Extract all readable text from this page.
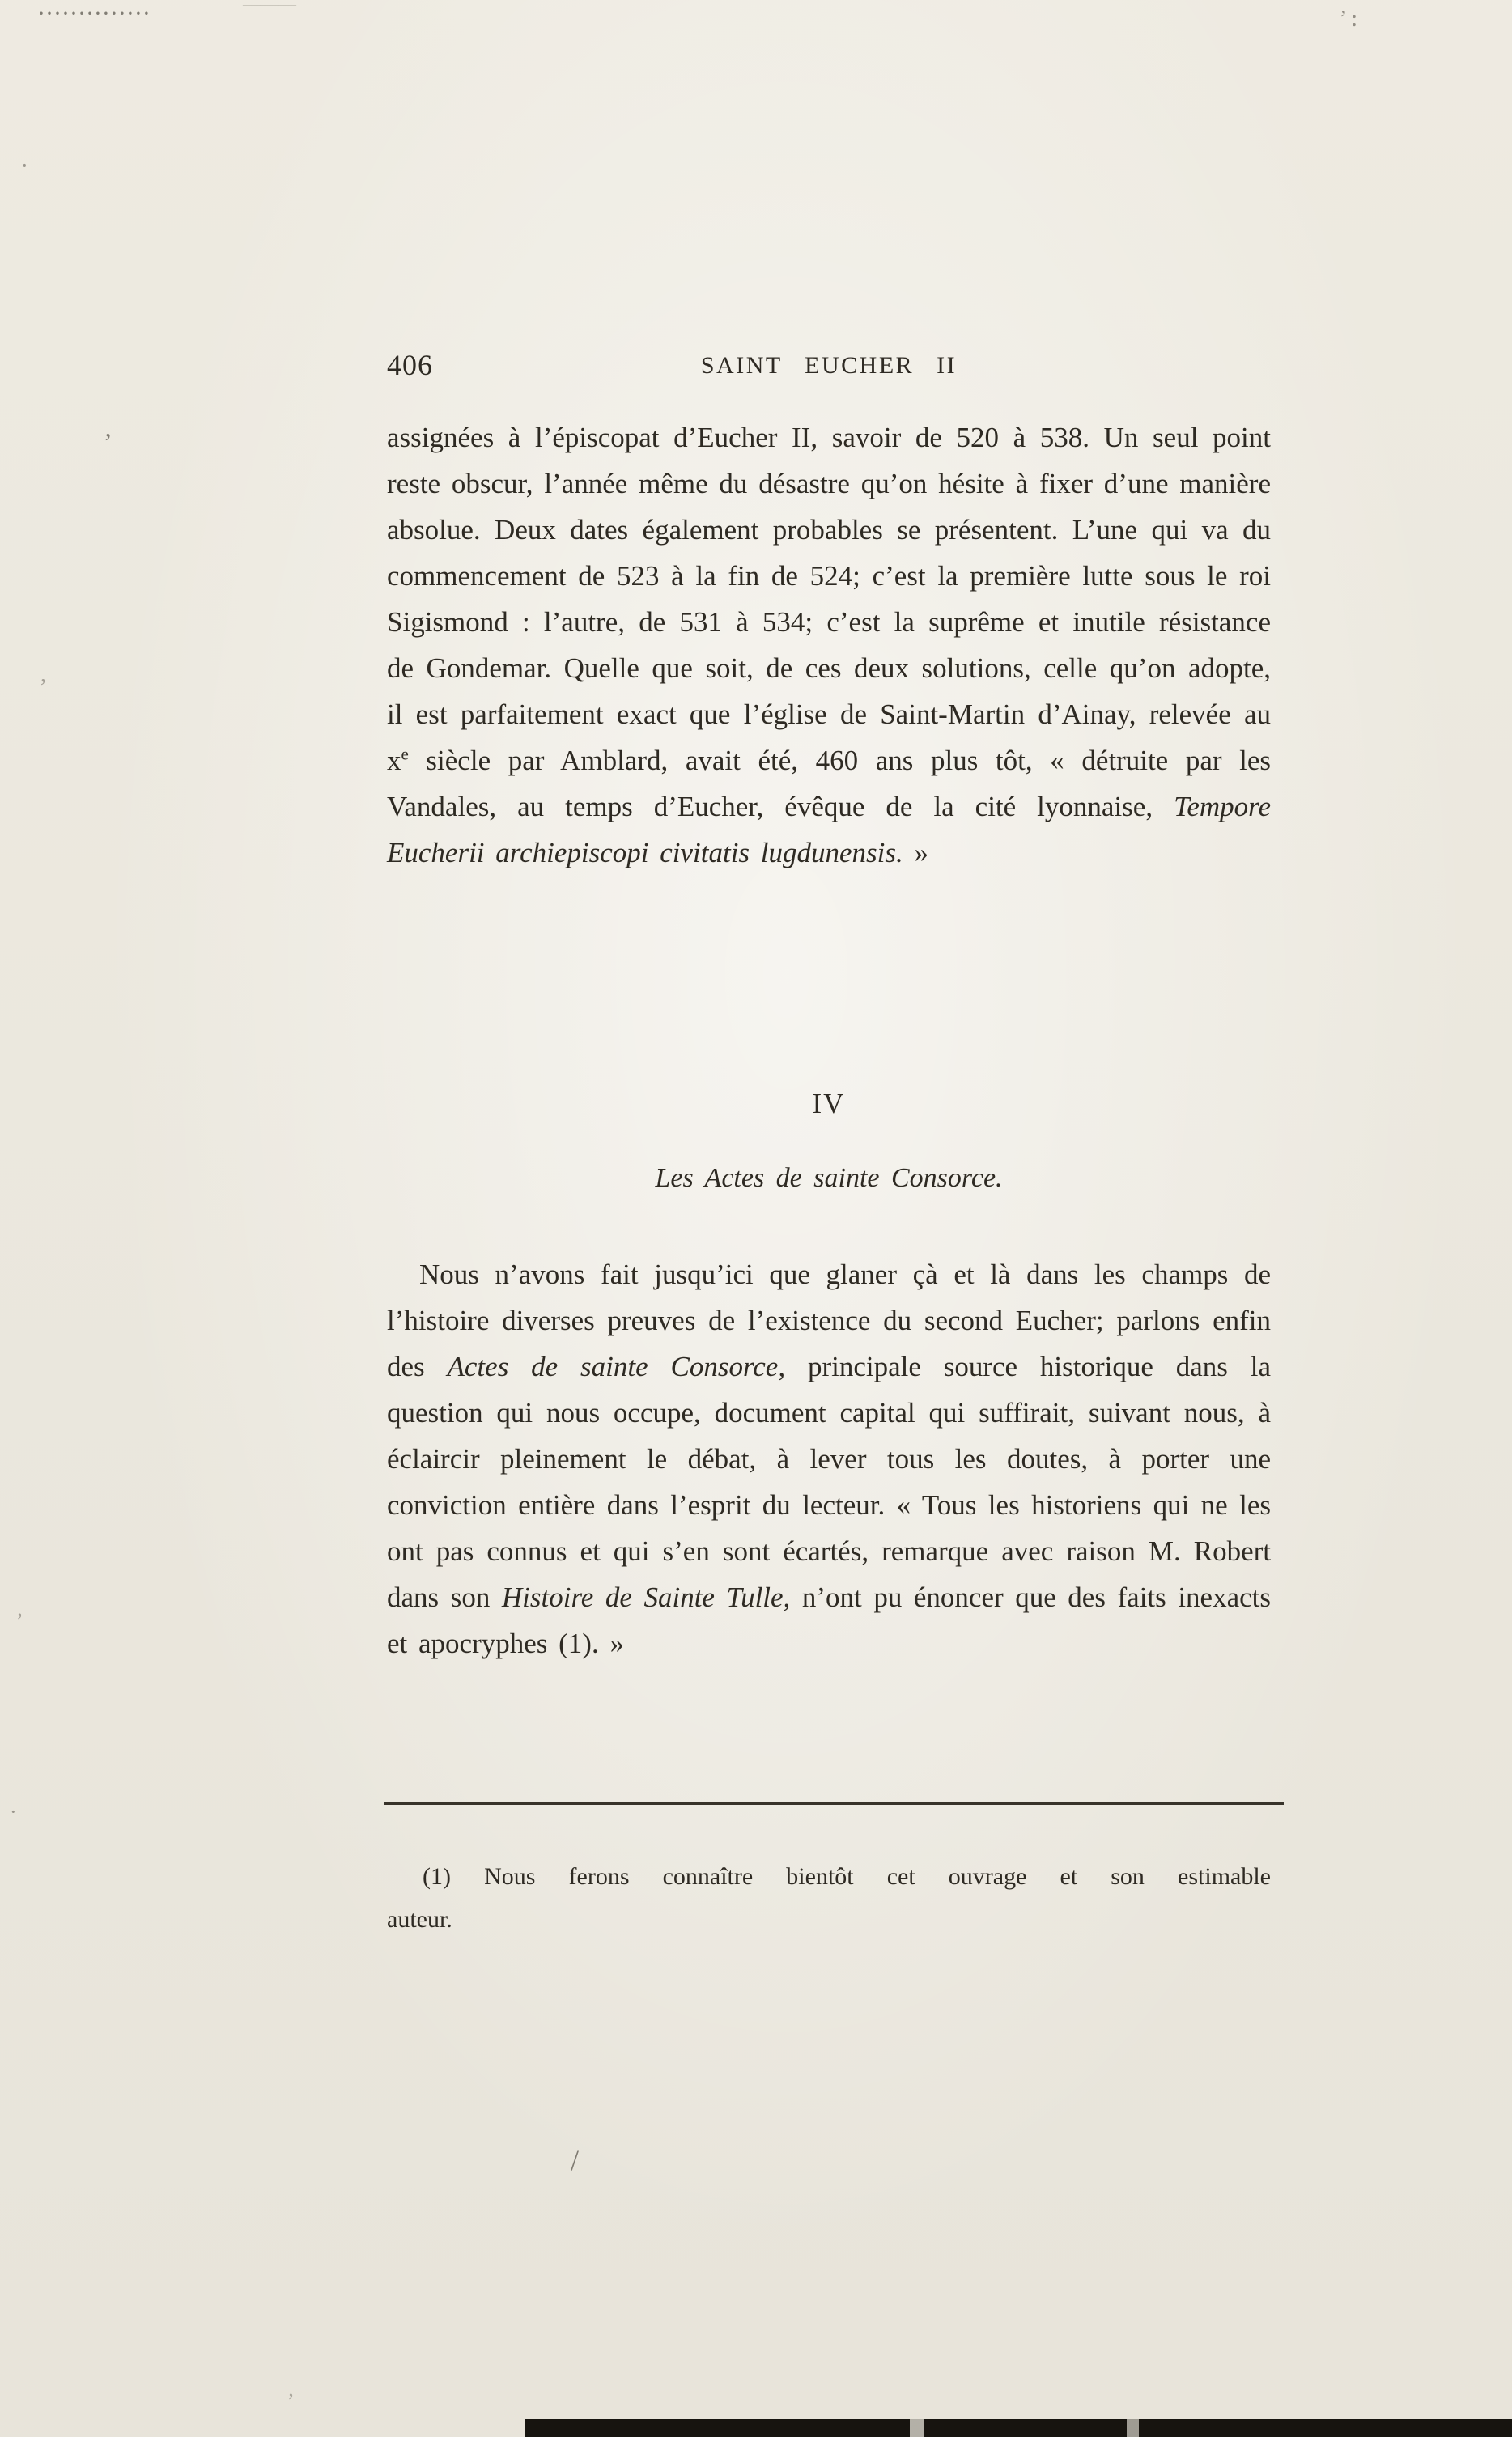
406	SAINT EUCHER II

assignées à l’épiscopat d’Eucher II, savoir de 520 à 538. Un seul point reste obscur, l’année même du désastre qu’on hésite à fixer d’une manière absolue. Deux dates également probables se présentent. L’une qui va du commencement de 523 à la fin de 524; c’est la première lutte sous le roi Sigismond : l’autre, de 531 à 534; c’est la suprême et inutile résistance de Gondemar. Quelle que soit, de ces deux solutions, celle qu’on adopte, il est parfaitement exact que l’église de Saint-Martin d’Ainay, relevée au $x^e$ siècle par Amblard, avait été, 460 ans plus tôt, « détruite par les Vandales, au temps d’Eucher, évêque de la cité lyonnaise, Tempore Eucherii archiepiscopi civitatis lugdunensis. »

IV
Les Actes de sainte Consorce.

Nous n’avons fait jusqu’ici que glaner çà et là dans les champs de l’histoire diverses preuves de l’existence du second Eucher; parlons enfin des Actes de sainte Consorce, principale source historique dans la question qui nous occupe, document capital qui suffirait, suivant nous, à éclaircir pleinement le débat, à lever tous les doutes, à porter une conviction entière dans l’esprit du lecteur. « Tous les historiens qui ne les ont pas connus et qui s’en sont écartés, remarque avec raison M. Robert dans son Histoire de Sainte Tulle, n’ont pu énoncer que des faits inexacts et apocryphes (1). »

(1) Nous ferons connaître bientôt cet ouvrage et son estimable
auteur.

··············	———
’ :
·
’
,
’
·
/
’
